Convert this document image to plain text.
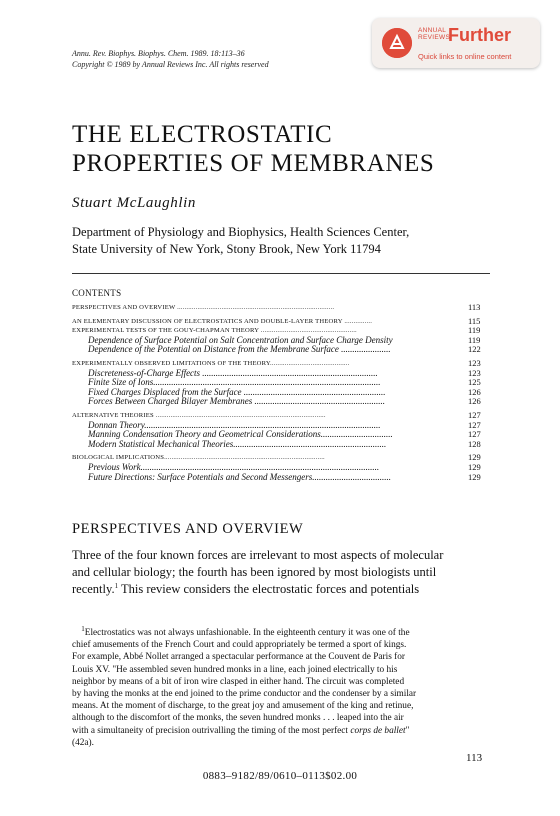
Annu. Rev. Biophys. Biophys. Chem. 1989. 18:113–36
Copyright © 1989 by Annual Reviews Inc. All rights reserved
ANNUAL
REVIEWS
Further
Quick links to online content
THE ELECTROSTATIC
PROPERTIES OF MEMBRANES
Stuart McLaughlin
Department of Physiology and Biophysics, Health Sciences Center,
State University of New York, Stony Brook, New York 11794
CONTENTS
PERSPECTIVES AND OVERVIEW .....................................................................................	113
AN ELEMENTARY DISCUSSION OF ELECTROSTATICS AND DOUBLE-LAYER THEORY ...............	115
EXPERIMENTAL TESTS OF THE GOUY-CHAPMAN THEORY ....................................................	119
Dependence of Surface Potential on Salt Concentration and Surface Charge Density	119
Dependence of the Potential on Distance from the Membrane Surface ......................	122
EXPERIMENTALLY OBSERVED LIMITATIONS OF THE THEORY...........................................	123
Discreteness-of-Charge Effects ..............................................................................	123
Finite Size of Ions.....................................................................................................	125
Fixed Charges Displaced from the Surface ...............................................................	126
Forces Between Charged Bilayer Membranes ..........................................................	126
ALTERNATIVE THEORIES ............................................................................................	127
Donnan Theory.........................................................................................................	127
Manning Condensation Theory and Geometrical Considerations................................	127
Modern Statistical Mechanical Theories....................................................................	128
BIOLOGICAL IMPLICATIONS.......................................................................................	129
Previous Work..........................................................................................................	129
Future Directions: Surface Potentials and Second Messengers...................................	129
PERSPECTIVES AND OVERVIEW
Three of the four known forces are irrelevant to most aspects of molecular
and cellular biology; the fourth has been ignored by most biologists until
recently.$^1$ This review considers the electrostatic forces and potentials
$^1$Electrostatics was not always unfashionable. In the eighteenth century it was one of the
chief amusements of the French Court and could appropriately be termed a sport of kings.
For example, Abbé Nollet arranged a spectacular performance at the Couvent de Paris for
Louis XV. "He assembled seven hundred monks in a line, each joined electrically to his
neighbor by means of a bit of iron wire clasped in either hand. The circuit was completed
by having the monks at the end joined to the prime conductor and the condenser by a similar
means. At the moment of discharge, to the great joy and amusement of the king and retinue,
although to the discomfort of the monks, the seven hundred monks . . . leaped into the air
with a simultaneity of precision outrivalling the timing of the most perfect corps de ballet"
(42a).
113
0883–9182/89/0610–0113$02.00
